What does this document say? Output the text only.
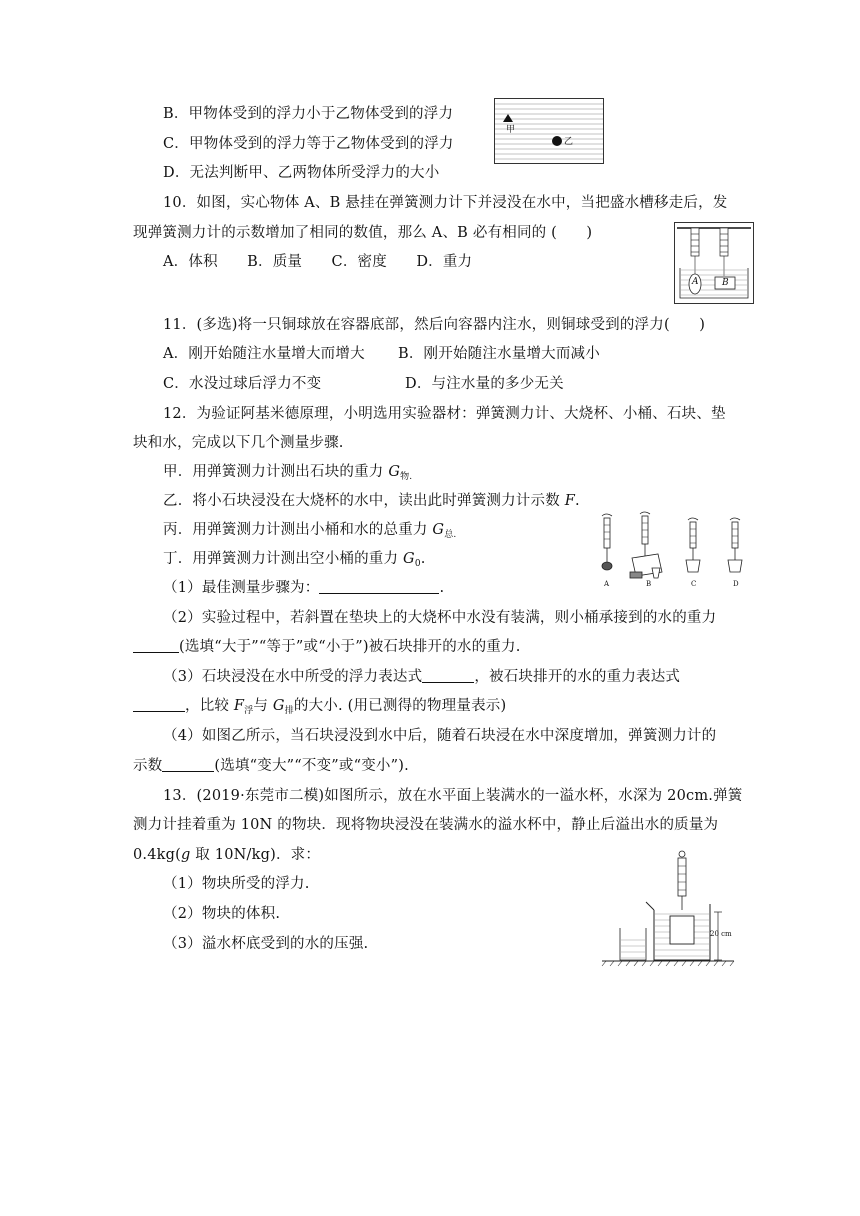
B．甲物体受到的浮力小于乙物体受到的浮力
C．甲物体受到的浮力等于乙物体受到的浮力
D．无法判断甲、乙两物体所受浮力的大小
甲
乙
10．如图，实心物体 A、B 悬挂在弹簧测力计下并浸没在水中，当把盛水槽移走后，发
现弹簧测力计的示数增加了相同的数值，那么 A、B 必有相同的 (　　)
A．体积　　B．质量　　C．密度　　D．重力
A	B
11．(多选)将一只铜球放在容器底部，然后向容器内注水，则铜球受到的浮力(　　)
A．刚开始随注水量增大而增大 B．刚开始随注水量增大而减小
C．水没过球后浮力不变	D．与注水量的多少无关
12．为验证阿基米德原理，小明选用实验器材：弹簧测力计、大烧杯、小桶、石块、垫
块和水，完成以下几个测量步骤.
甲．用弹簧测力计测出石块的重力 $G_{物.}$
乙．将小石块浸没在大烧杯的水中，读出此时弹簧测力计示数 F.
丙．用弹簧测力计测出小桶和水的总重力 $G_{总.}$
丁．用弹簧测力计测出空小桶的重力 $G_0$.
A	B	C	D
（1）最佳测量步骤为：	.
（2）实验过程中，若斜置在垫块上的大烧杯中水没有装满，则小桶承接到的水的重力
(选填“大于”“等于”或“小于”)被石块排开的水的重力.
（3）石块浸没在水中所受的浮力表达式	，被石块排开的水的重力表达式
，比较 $F_浮$与 $G_排$的大小. (用已测得的物理量表示)
（4）如图乙所示，当石块浸没到水中后，随着石块浸在水中深度增加，弹簧测力计的
示数	(选填“变大”“不变”或“变小”).
13．(2019·东莞市二模)如图所示，放在水平面上装满水的一溢水杯，水深为 20cm.弹簧
测力计挂着重为 10N 的物块．现将物块浸没在装满水的溢水杯中，静止后溢出水的质量为
0.4kg(g 取 10N/kg)．求：
（1）物块所受的浮力.
（2）物块的体积.
（3）溢水杯底受到的水的压强.
20 cm
